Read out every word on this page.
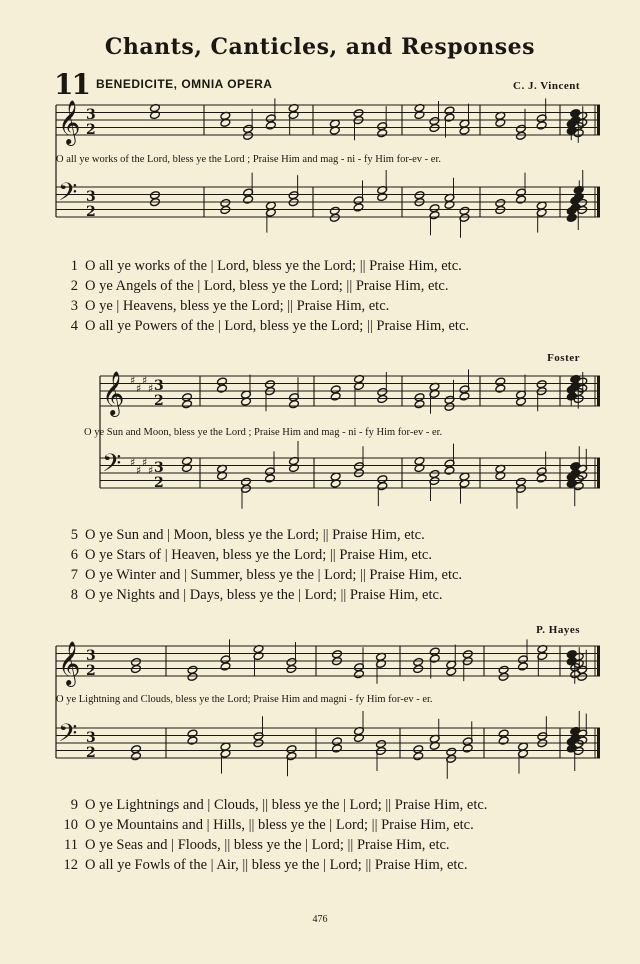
Chants, Canticles, and Responses
11 BENEDICITE, OMNIA OPERA	C. J. Vincent
𝄞 3
2
𝄢 3
2
O all ye works of the Lord, bless ye the Lord ; Praise Him and mag - ni - fy Him for-ev - er.
1 O all ye works of the | Lord, bless ye the Lord; || Praise Him, etc.
2 O ye Angels of the | Lord, bless ye the Lord; || Praise Him, etc.
3 O ye | Heavens, bless ye the Lord; || Praise Him, etc.
4 O all ye Powers of the | Lord, bless ye the Lord; || Praise Him, etc.
Foster
𝄞 ♯
♯
♯
♯ 3
2
𝄢 ♯
♯
♯
♯ 3
2
O ye Sun and Moon, bless ye the Lord ; Praise Him and mag - ni - fy Him for-ev - er.
5 O ye Sun and | Moon, bless ye the Lord; || Praise Him, etc.
6 O ye Stars of | Heaven, bless ye the Lord; || Praise Him, etc.
7 O ye Winter and | Summer, bless ye the | Lord; || Praise Him, etc.
8 O ye Nights and | Days, bless ye the | Lord; || Praise Him, etc.
P. Hayes
𝄞 3
2
𝄢 3
2
O ye Lightning and Clouds, bless ye the Lord; Praise Him and magni - fy Him for-ev - er.
9 O ye Lightnings and | Clouds, || bless ye the | Lord; || Praise Him, etc.
10 O ye Mountains and | Hills, || bless ye the | Lord; || Praise Him, etc.
11 O ye Seas and | Floods, || bless ye the | Lord; || Praise Him, etc.
12 O all ye Fowls of the | Air, || bless ye the | Lord; || Praise Him, etc.
476
